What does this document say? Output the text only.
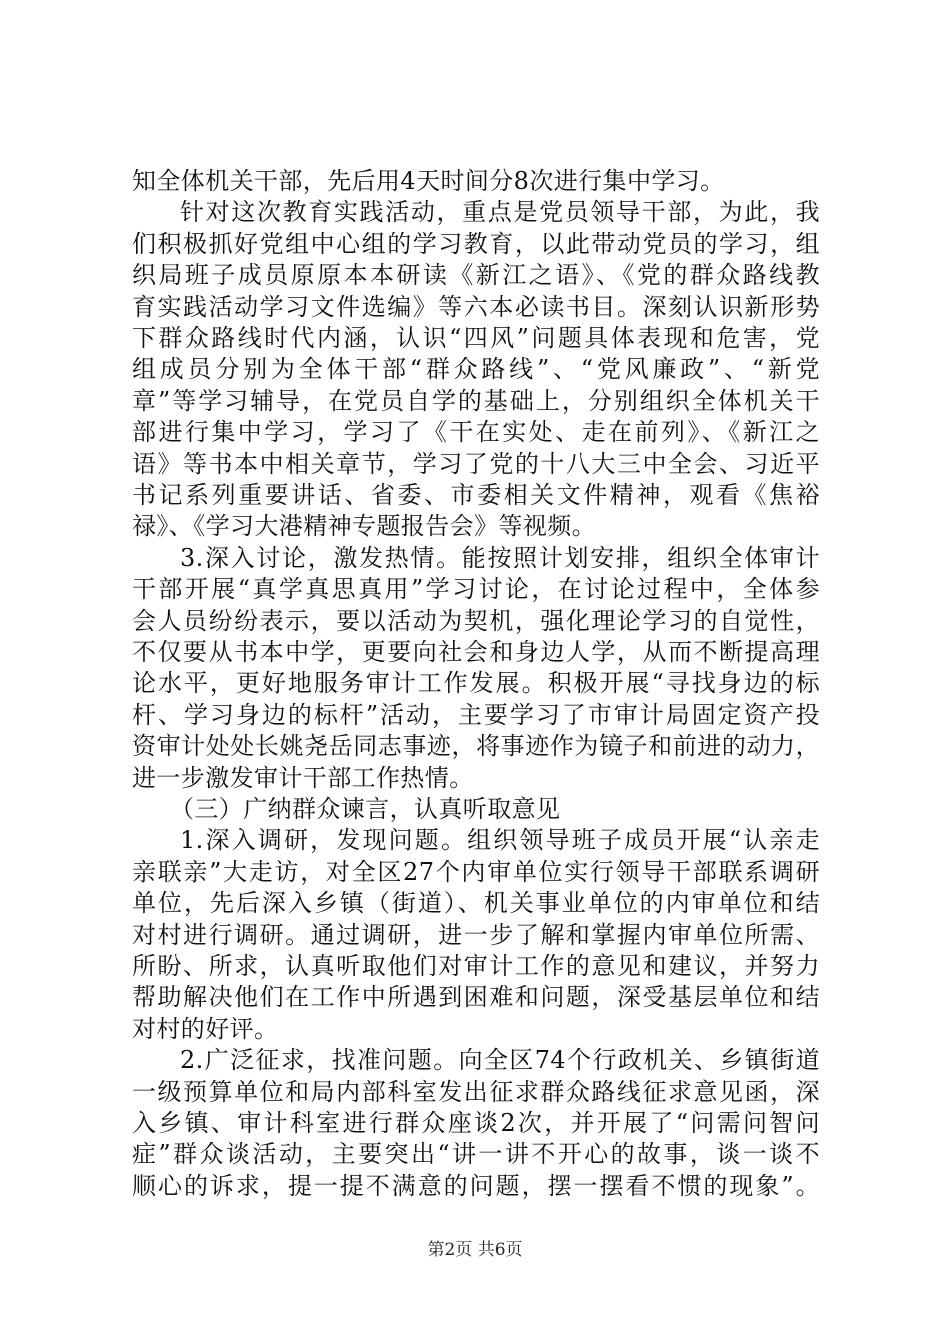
知全体机关干部，先后用4天时间分8次进行集中学习。
针对这次教育实践活动，重点是党员领导干部，为此，我
们积极抓好党组中心组的学习教育，以此带动党员的学习，组
织局班子成员原原本本研读《新江之语》、《党的群众路线教
育实践活动学习文件选编》等六本必读书目。深刻认识新形势
下群众路线时代内涵，认识“四风”问题具体表现和危害，党
组成员分别为全体干部“群众路线”、“党风廉政”、“新党
章”等学习辅导，在党员自学的基础上，分别组织全体机关干
部进行集中学习，学习了《干在实处、走在前列》、《新江之
语》等书本中相关章节，学习了党的十八大三中全会、习近平
书记系列重要讲话、省委、市委相关文件精神，观看《焦裕
禄》、《学习大港精神专题报告会》等视频。
3.深入讨论，激发热情。能按照计划安排，组织全体审计
干部开展“真学真思真用”学习讨论，在讨论过程中，全体参
会人员纷纷表示，要以活动为契机，强化理论学习的自觉性，
不仅要从书本中学，更要向社会和身边人学，从而不断提高理
论水平，更好地服务审计工作发展。积极开展“寻找身边的标
杆、学习身边的标杆”活动，主要学习了市审计局固定资产投
资审计处处长姚尧岳同志事迹，将事迹作为镜子和前进的动力，
进一步激发审计干部工作热情。
（三）广纳群众谏言，认真听取意见
1.深入调研，发现问题。组织领导班子成员开展“认亲走
亲联亲”大走访，对全区27个内审单位实行领导干部联系调研
单位，先后深入乡镇（街道）、机关事业单位的内审单位和结
对村进行调研。通过调研，进一步了解和掌握内审单位所需、
所盼、所求，认真听取他们对审计工作的意见和建议，并努力
帮助解决他们在工作中所遇到困难和问题，深受基层单位和结
对村的好评。
2.广泛征求，找准问题。向全区74个行政机关、乡镇街道
一级预算单位和局内部科室发出征求群众路线征求意见函，深
入乡镇、审计科室进行群众座谈2次，并开展了“问需问智问
症”群众谈活动，主要突出“讲一讲不开心的故事，谈一谈不
顺心的诉求，提一提不满意的问题，摆一摆看不惯的现象”。
第2页 共6页
